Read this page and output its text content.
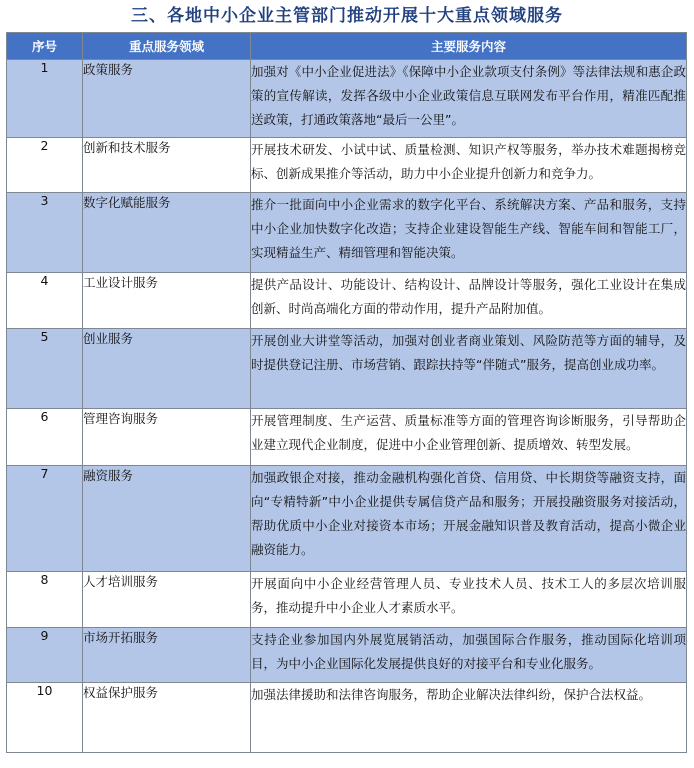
三、各地中小企业主管部门推动开展十大重点领域服务
序号	重点服务领域	主要服务内容
1	政策服务	加强对《中小企业促进法》《保障中小企业款项支付条例》等法律法规和惠企政策的宣传解读，发挥各级中小企业政策信息互联网发布平台作用，精准匹配推送政策，打通政策落地“最后一公里”。
2	创新和技术服务	开展技术研发、小试中试、质量检测、知识产权等服务，举办技术难题揭榜竞标、创新成果推介等活动，助力中小企业提升创新力和竞争力。
3	数字化赋能服务	推介一批面向中小企业需求的数字化平台、系统解决方案、产品和服务，支持中小企业加快数字化改造；支持企业建设智能生产线、智能车间和智能工厂，实现精益生产、精细管理和智能决策。
4	工业设计服务	提供产品设计、功能设计、结构设计、品牌设计等服务，强化工业设计在集成创新、时尚高端化方面的带动作用，提升产品附加值。
5	创业服务	开展创业大讲堂等活动，加强对创业者商业策划、风险防范等方面的辅导，及时提供登记注册、市场营销、跟踪扶持等“伴随式”服务，提高创业成功率。
6	管理咨询服务	开展管理制度、生产运营、质量标准等方面的管理咨询诊断服务，引导帮助企业建立现代企业制度，促进中小企业管理创新、提质增效、转型发展。
7	融资服务	加强政银企对接，推动金融机构强化首贷、信用贷、中长期贷等融资支持，面向“专精特新”中小企业提供专属信贷产品和服务；开展投融资服务对接活动，帮助优质中小企业对接资本市场；开展金融知识普及教育活动，提高小微企业融资能力。
8	人才培训服务	开展面向中小企业经营管理人员、专业技术人员、技术工人的多层次培训服务，推动提升中小企业人才素质水平。
9	市场开拓服务	支持企业参加国内外展览展销活动，加强国际合作服务，推动国际化培训项目，为中小企业国际化发展提供良好的对接平台和专业化服务。
10	权益保护服务	加强法律援助和法律咨询服务，帮助企业解决法律纠纷，保护合法权益。
